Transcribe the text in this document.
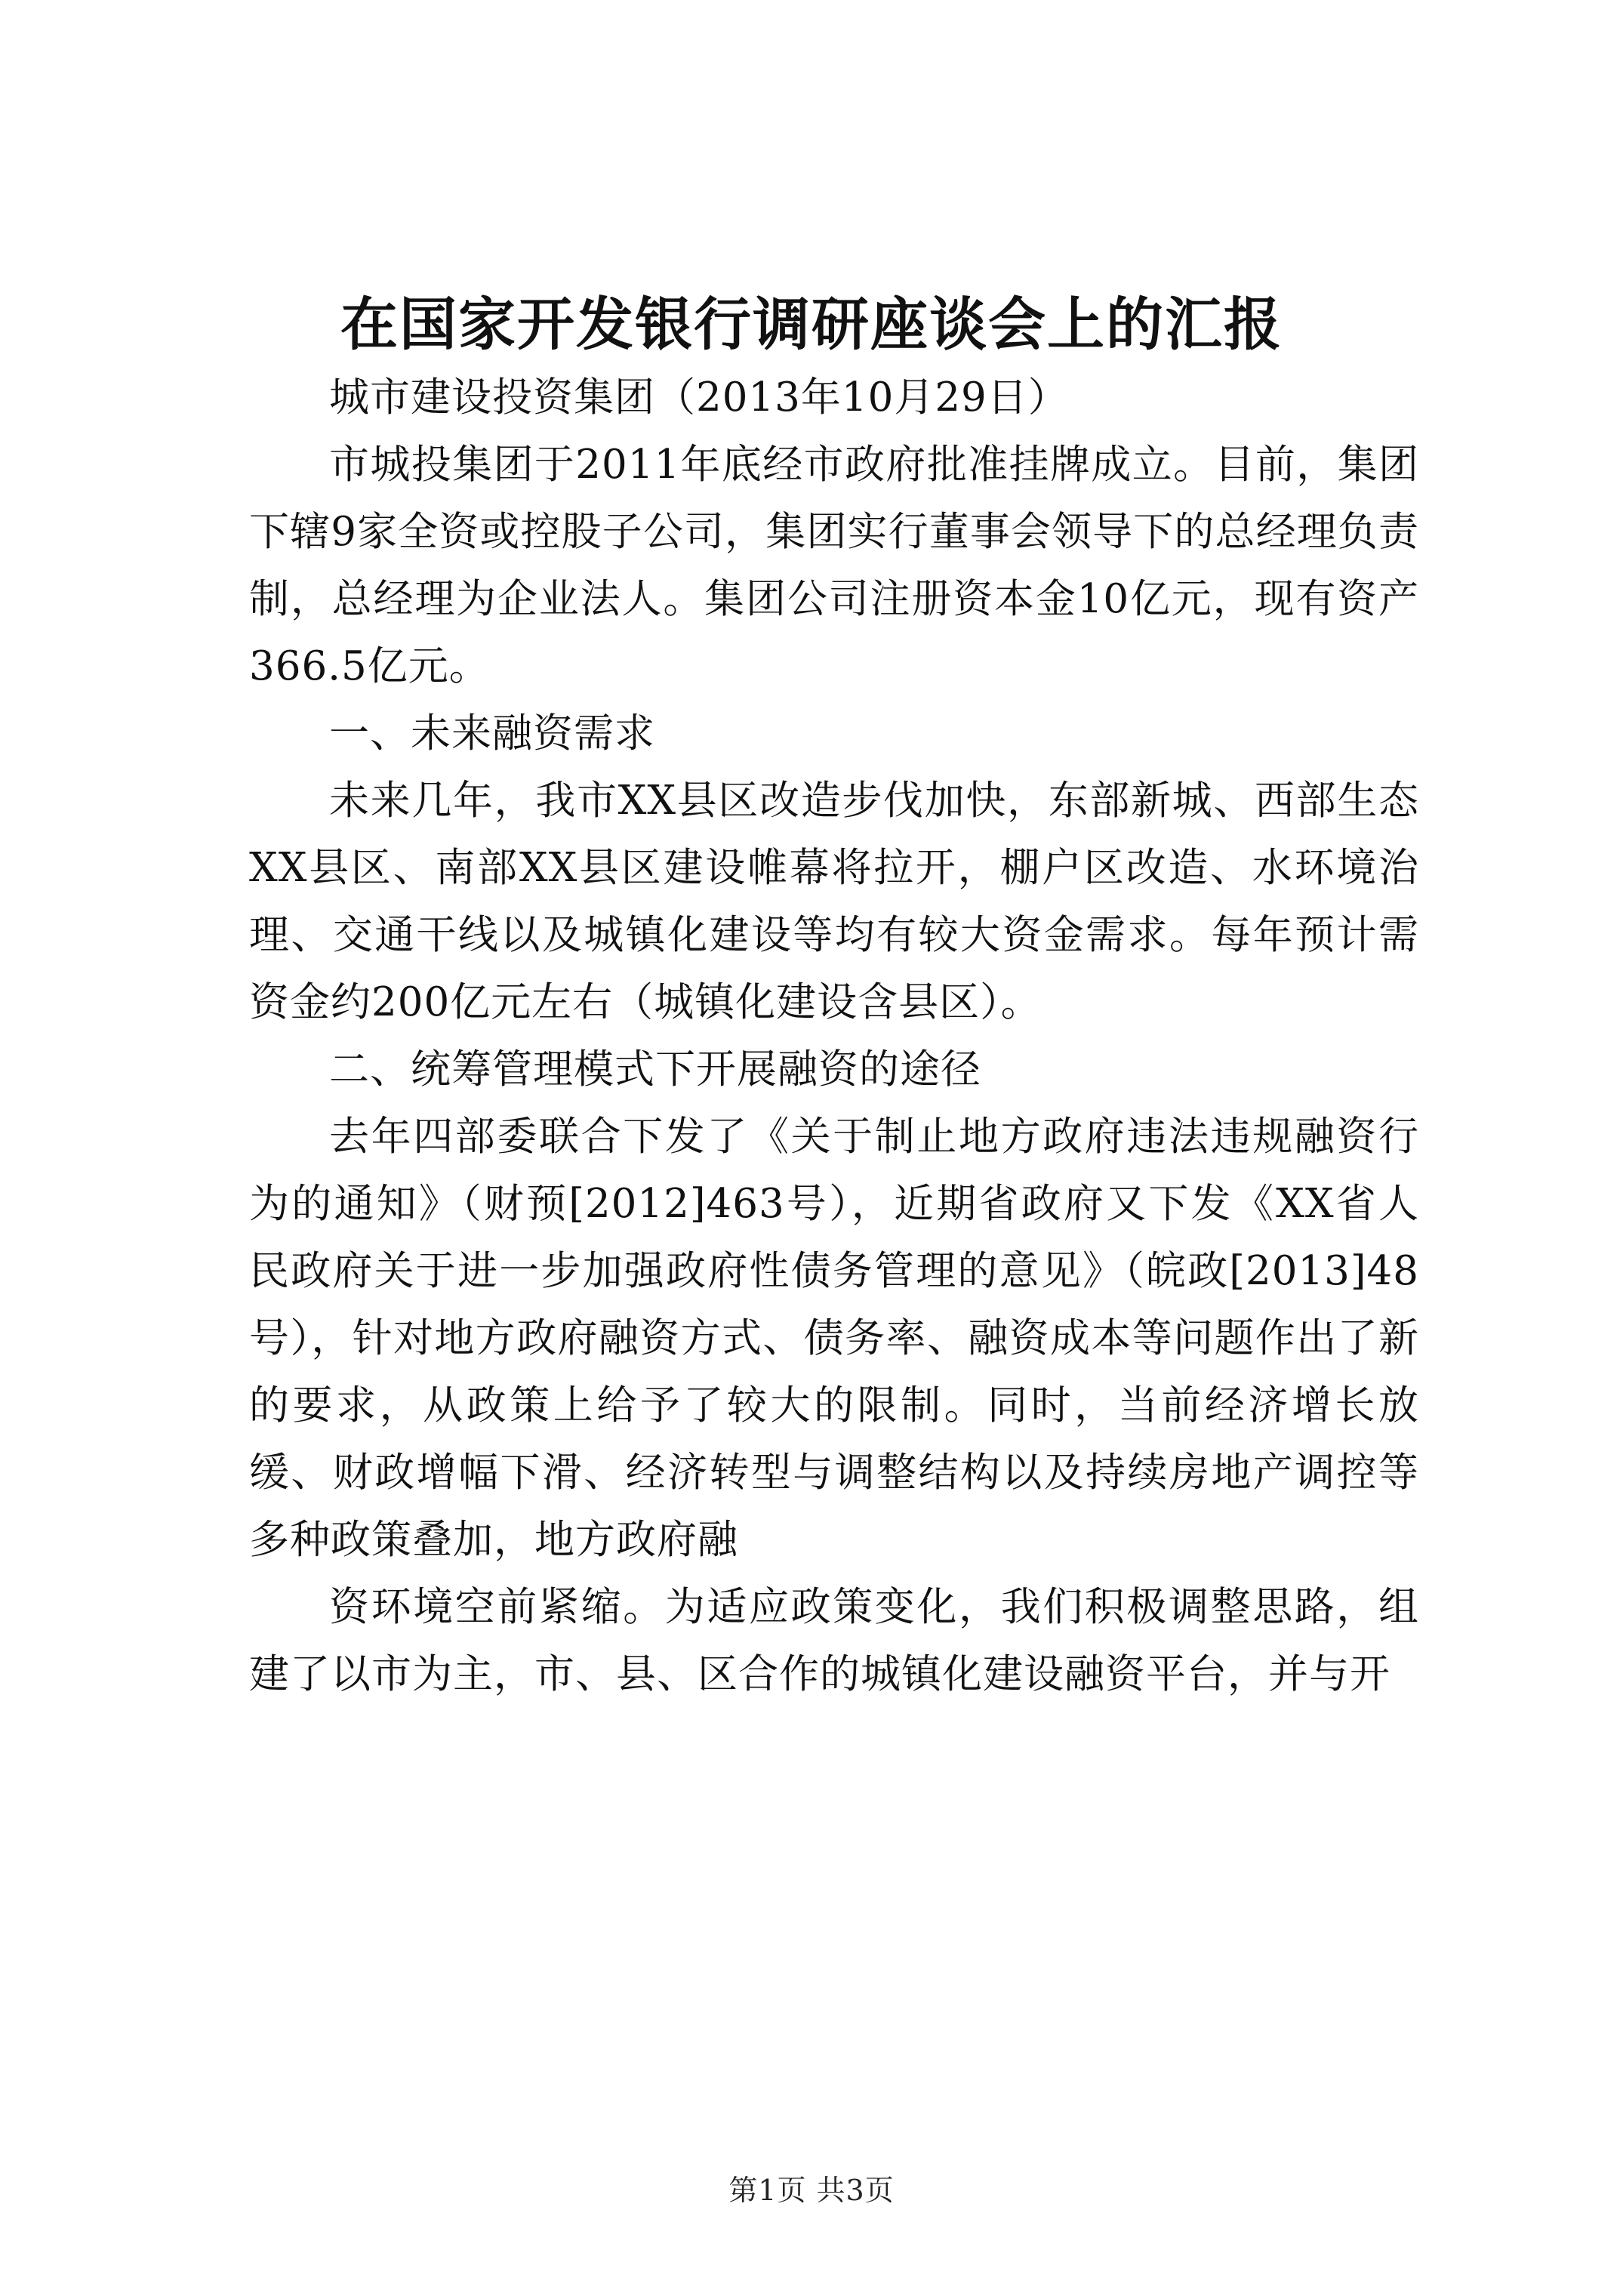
在国家开发银行调研座谈会上的汇报

城市建设投资集团（2013年10月29日）

市城投集团于2011年底经市政府批准挂牌成立。目前，集团下辖9家全资或控股子公司，集团实行董事会领导下的总经理负责制，总经理为企业法人。集团公司注册资本金10亿元，现有资产366.5亿元。

一、未来融资需求

未来几年，我市XX县区改造步伐加快，东部新城、西部生态XX县区、南部XX县区建设帷幕将拉开，棚户区改造、水环境治理、交通干线以及城镇化建设等均有较大资金需求。每年预计需资金约200亿元左右（城镇化建设含县区）。

二、统筹管理模式下开展融资的途径

去年四部委联合下发了《关于制止地方政府违法违规融资行为的通知》（财预[2012]463号），近期省政府又下发《XX省人民政府关于进一步加强政府性债务管理的意见》（皖政[2013]48号），针对地方政府融资方式、债务率、融资成本等问题作出了新的要求，从政策上给予了较大的限制。同时，当前经济增长放缓、财政增幅下滑、经济转型与调整结构以及持续房地产调控等多种政策叠加，地方政府融

资环境空前紧缩。为适应政策变化，我们积极调整思路，组建了以市为主，市、县、区合作的城镇化建设融资平台，并与开

第1页 共3页
